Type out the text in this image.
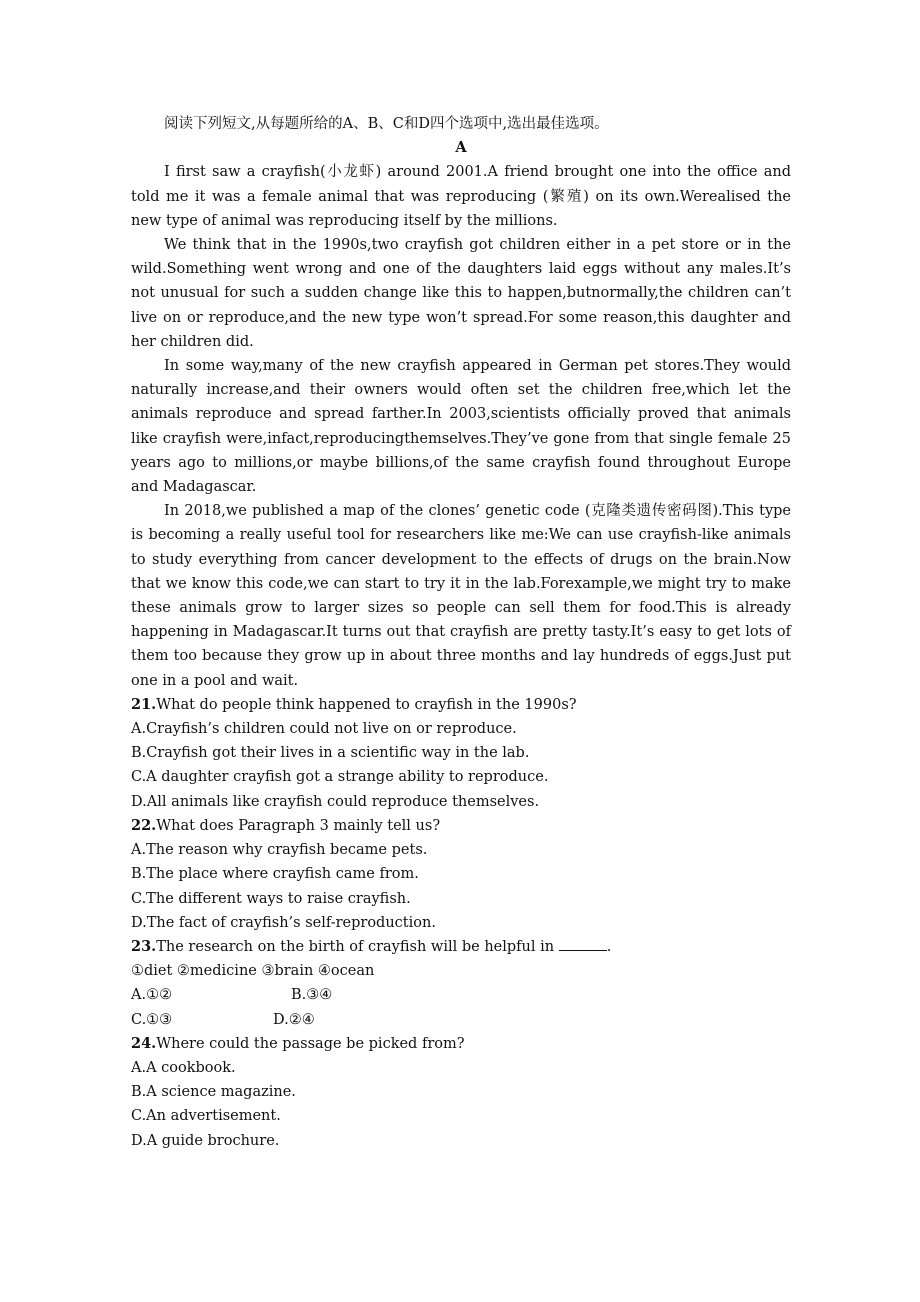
阅读下列短文,从每题所给的A、B、C和D四个选项中,选出最佳选项。

A

I first saw a crayfish(小龙虾) around 2001.A friend brought one into the office and told me it was a female animal that was reproducing (繁殖) on its own.Werealised the new type of animal was reproducing itself by the millions.

We think that in the 1990s,two crayfish got children either in a pet store or in the wild.Something went wrong and one of the daughters laid eggs without any males.It’s not unusual for such a sudden change like this to happen,butnormally,the children can’t live on or reproduce,and the new type won’t spread.For some reason,this daughter and her children did.

In some way,many of the new crayfish appeared in German pet stores.They would naturally increase,and their owners would often set the children free,which let the animals reproduce and spread farther.In 2003,scientists officially proved that animals like crayfish were,infact,reproducingthemselves.They’ve gone from that single female 25 years ago to millions,or maybe billions,of the same crayfish found throughout Europe and Madagascar.

In 2018,we published a map of the clones’ genetic code (克隆类遗传密码图).This type is becoming a really useful tool for researchers like me:We can use crayfish-like animals to study everything from cancer development to the effects of drugs on the brain.Now that we know this code,we can start to try it in the lab.Forexample,we might try to make these animals grow to larger sizes so people can sell them for food.This is already happening in Madagascar.It turns out that crayfish are pretty tasty.It’s easy to get lots of them too because they grow up in about three months and lay hundreds of eggs.Just put one in a pool and wait.

21.What do people think happened to crayfish in the 1990s?

A.Crayfish’s children could not live on or reproduce.

B.Crayfish got their lives in a scientific way in the lab.

C.A daughter crayfish got a strange ability to reproduce.

D.All animals like crayfish could reproduce themselves.

22.What does Paragraph 3 mainly tell us?

A.The reason why crayfish became pets.

B.The place where crayfish came from.

C.The different ways to raise crayfish.

D.The fact of crayfish’s self-reproduction.

23.The research on the birth of crayfish will be helpful in	.

①diet ②medicine ③brain ④ocean

A.①②	B.③④
C.①③	D.②④

24.Where could the passage be picked from?

A.A cookbook.

B.A science magazine.

C.An advertisement.

D.A guide brochure.
